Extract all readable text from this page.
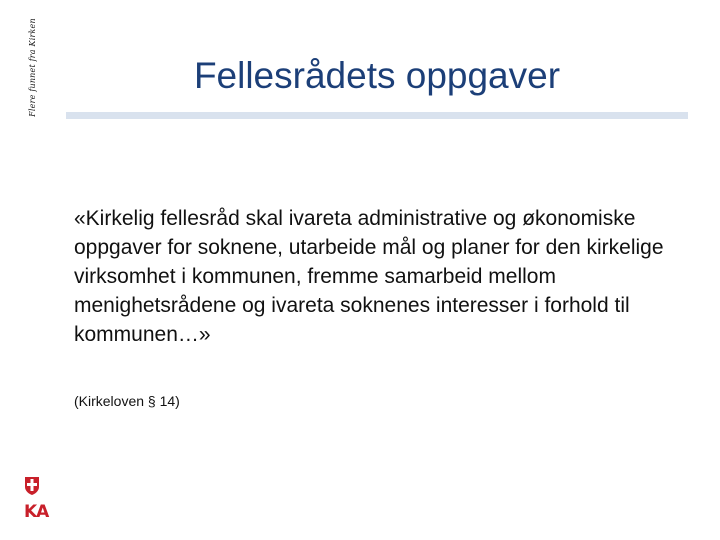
Flere funnet fra Kirken	Fellesrådets oppgaver

«Kirkelig fellesråd skal ivareta administrative og økonomiske oppgaver for soknene, utarbeide mål og planer for den kirkelige virksomhet i kommunen, fremme samarbeid mellom menighetsrådene og ivareta soknenes interesser i forhold til kommunen…»

(Kirkeloven § 14)

KA
